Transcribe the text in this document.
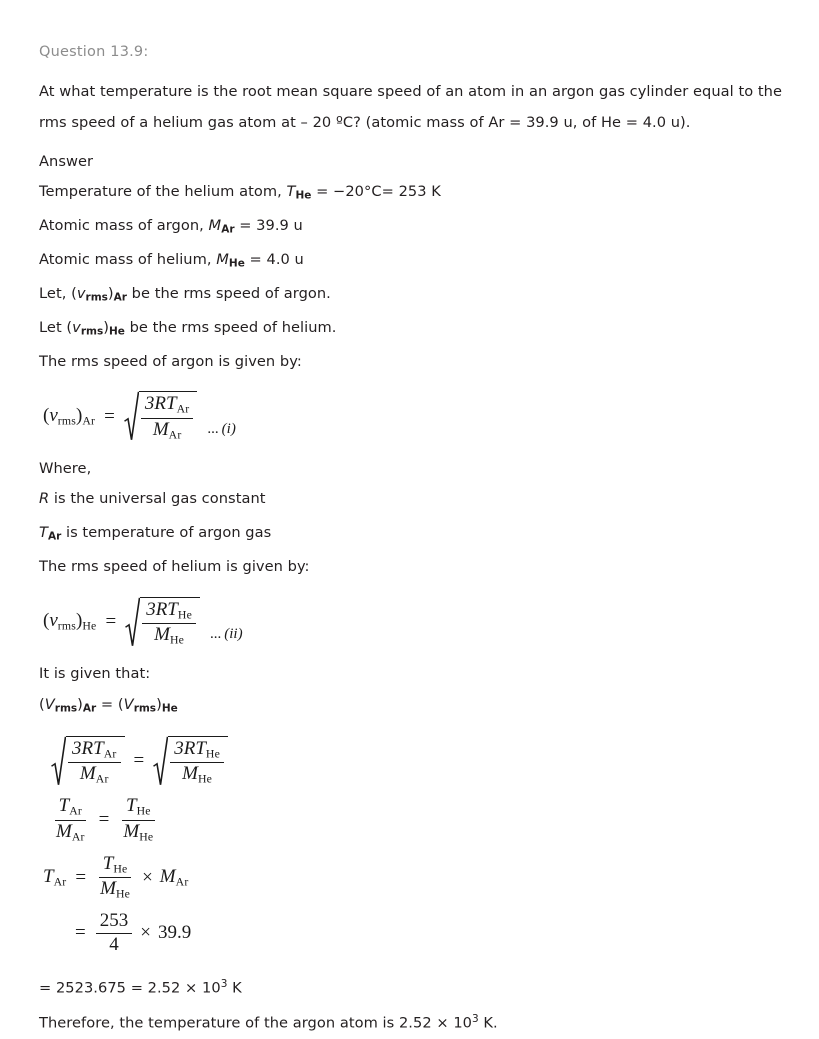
Question 13.9:

At what temperature is the root mean square speed of an atom in an argon gas cylinder equal to the rms speed of a helium gas atom at – 20 ºC? (atomic mass of Ar = 39.9 u, of He = 4.0 u).

Answer
Temperature of the helium atom, $T_{He} = -20^\circ C= 253$ K
Atomic mass of argon, $M_{Ar} = 39.9$ u
Atomic mass of helium, $M_{He} = 4.0$ u
Let, $(v_{rms})_{Ar}$ be the rms speed of argon.
Let $(v_{rms})_{He}$ be the rms speed of helium.
The rms speed of argon is given by:
(vrms)Ar = $\frac{\text{3RTAr}}{\text{MAr}}$ ... (i)
Where,
R is the universal gas constant
$T_{Ar}$ is temperature of argon gas
The rms speed of helium is given by:
(vrms)He = $\frac{\text{3RTHe}}{\text{MHe}}$ ... (ii)
It is given that:
$(V_{rms})_{Ar} = (V_{rms})_{He}$
$\frac{\text{3RTAr}}{\text{MAr}} = \frac{\text{3RTHe}}{\text{MHe}}$
$\frac{\text{TAr}}{\text{MAr}} = \frac{\text{THe}}{\text{MHe}}$
TAr = $\frac{\text{THe}}{\text{MHe}}$ × MAr
= $\frac{253}{4} \times 39.9$
= $2523.675 = 2.52 \times 10^3$ K
Therefore, the temperature of the argon atom is $2.52 \times 10^3$ K.
